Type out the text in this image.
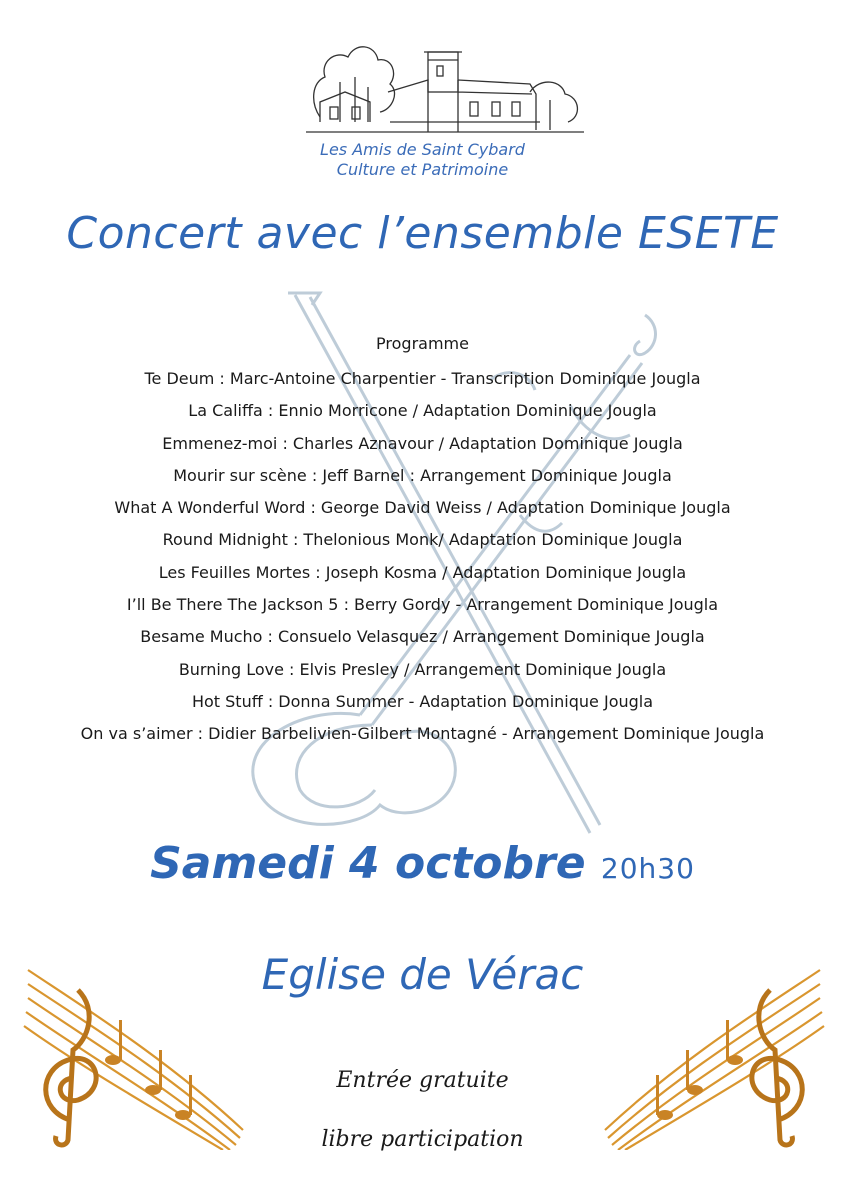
Les Amis de Saint Cybard
Culture et Patrimoine
Concert avec l’ensemble ESETE
Programme
Te Deum : Marc-Antoine Charpentier - Transcription Dominique Jougla
La Califfa : Ennio Morricone / Adaptation Dominique Jougla
Emmenez-moi : Charles Aznavour / Adaptation Dominique Jougla
Mourir sur scène : Jeff Barnel : Arrangement Dominique Jougla
What A Wonderful Word : George David Weiss / Adaptation Dominique Jougla
Round Midnight : Thelonious Monk/ Adaptation Dominique Jougla
Les Feuilles Mortes : Joseph Kosma / Adaptation Dominique Jougla
I’ll Be There The Jackson 5 : Berry Gordy - Arrangement Dominique Jougla
Besame Mucho : Consuelo Velasquez / Arrangement Dominique Jougla
Burning Love : Elvis Presley / Arrangement Dominique Jougla
Hot Stuff : Donna Summer - Adaptation Dominique Jougla
On va s’aimer : Didier Barbelivien-Gilbert Montagné - Arrangement Dominique Jougla
Samedi 4 octobre 20h30
Eglise de Vérac
Entrée gratuite
libre participation
